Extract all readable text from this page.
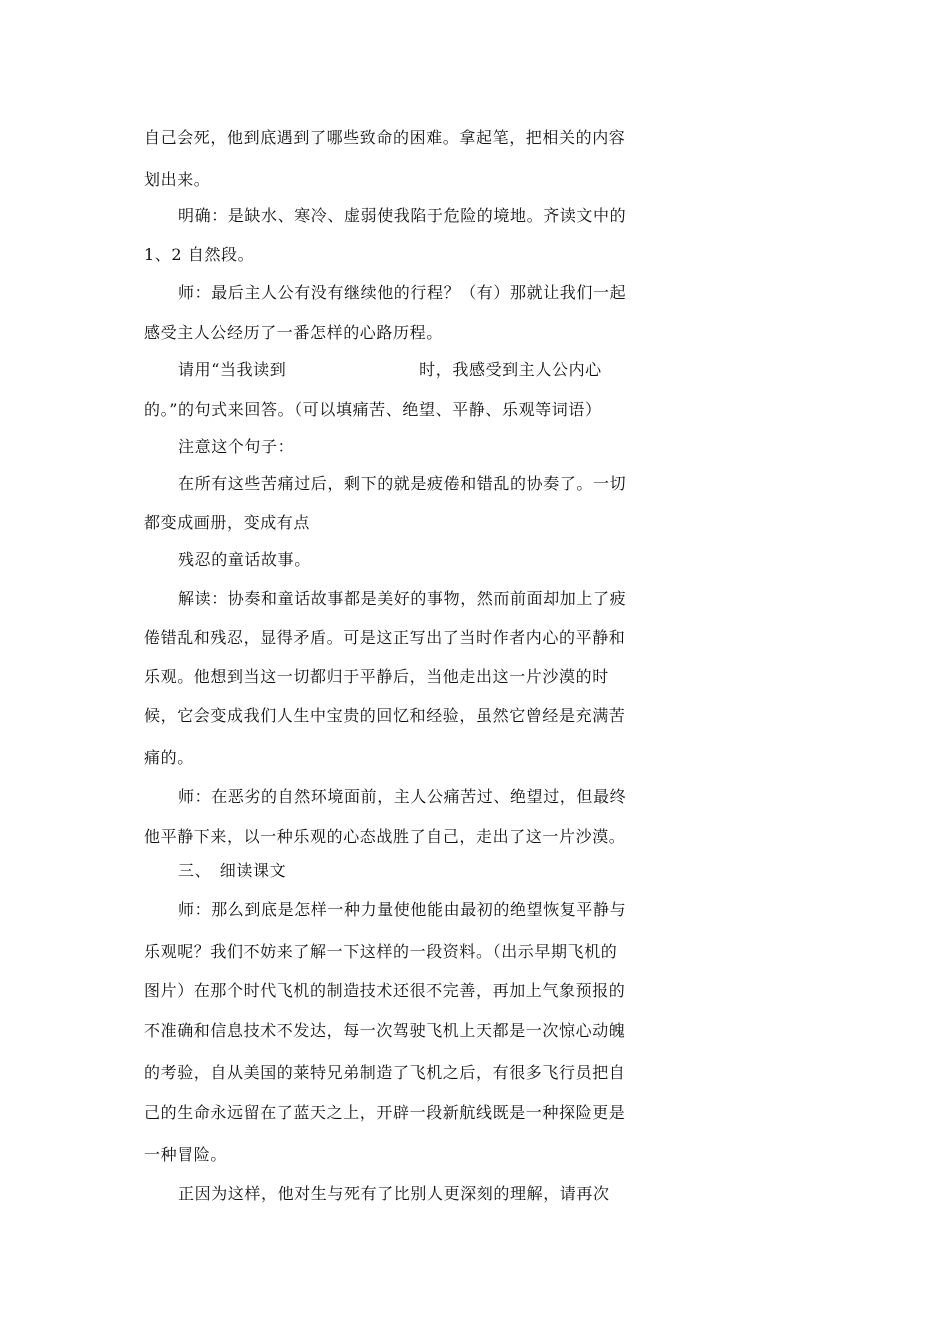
自己会死，他到底遇到了哪些致命的困难。拿起笔，把相关的内容
划出来。
明确：是缺水、寒冷、虚弱使我陷于危险的境地。齐读文中的
1、2 自然段。
师：最后主人公有没有继续他的行程？（有）那就让我们一起
感受主人公经历了一番怎样的心路历程。
请用“当我读到　　　　　　　　时，我感受到主人公内心
的。”的句式来回答。（可以填痛苦、绝望、平静、乐观等词语）
注意这个句子：
在所有这些苦痛过后，剩下的就是疲倦和错乱的协奏了。一切
都变成画册，变成有点
残忍的童话故事。
解读：协奏和童话故事都是美好的事物，然而前面却加上了疲
倦错乱和残忍，显得矛盾。可是这正写出了当时作者内心的平静和
乐观。他想到当这一切都归于平静后，当他走出这一片沙漠的时
候，它会变成我们人生中宝贵的回忆和经验，虽然它曾经是充满苦
痛的。
师：在恶劣的自然环境面前，主人公痛苦过、绝望过，但最终
他平静下来，以一种乐观的心态战胜了自己，走出了这一片沙漠。
三、　细读课文
师：那么到底是怎样一种力量使他能由最初的绝望恢复平静与
乐观呢？我们不妨来了解一下这样的一段资料。（出示早期飞机的
图片）在那个时代飞机的制造技术还很不完善，再加上气象预报的
不准确和信息技术不发达，每一次驾驶飞机上天都是一次惊心动魄
的考验，自从美国的莱特兄弟制造了飞机之后，有很多飞行员把自
己的生命永远留在了蓝天之上，开辟一段新航线既是一种探险更是
一种冒险。
正因为这样，他对生与死有了比别人更深刻的理解，请再次
